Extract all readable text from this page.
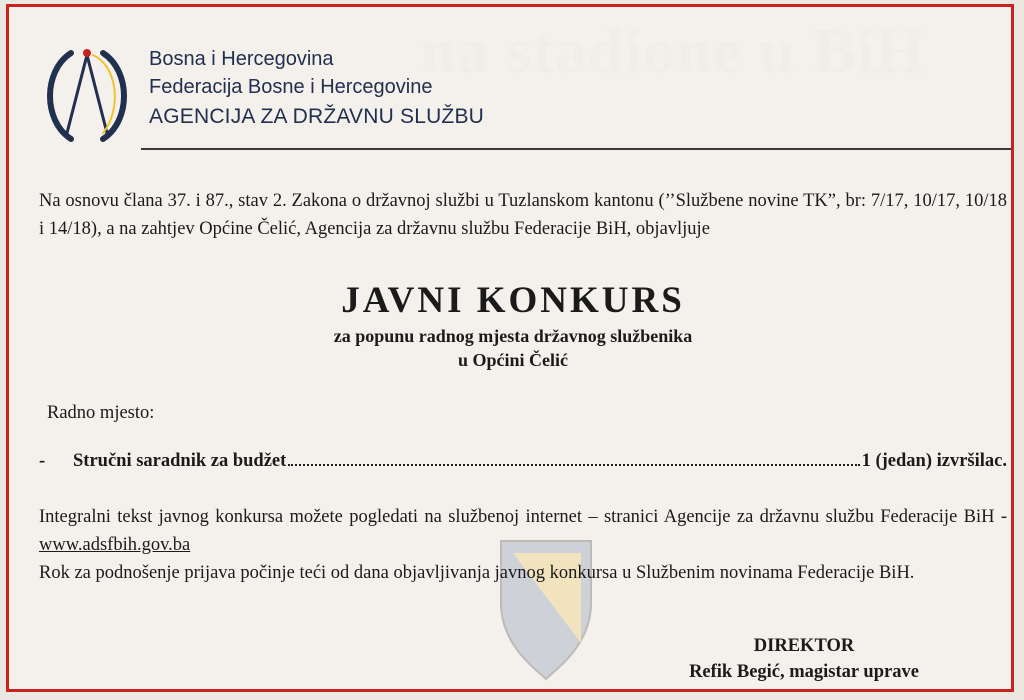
Bosna i Hercegovina
Federacija Bosne i Hercegovine
AGENCIJA ZA DRŽAVNU SLUŽBU
Na osnovu člana 37. i 87., stav 2. Zakona o državnoj službi u Tuzlanskom kantonu (’’Službene novine TK”, br: 7/17, 10/17, 10/18 i 14/18), a na zahtjev Općine Čelić, Agencija za državnu službu Federacije BiH, objavljuje
JAVNI KONKURS
za popunu radnog mjesta državnog službenika
u Općini Čelić
Radno mjesto:
-	Stručni saradnik za budžet	1 (jedan) izvršilac.
Integralni tekst javnog konkursa možete pogledati na službenoj internet – stranici Agencije za državnu službu Federacije BiH - www.adsfbih.gov.ba
Rok za podnošenje prijava počinje teći od dana objavljivanja javnog konkursa u Službenim novinama Federacije BiH.
DIREKTOR
Refik Begić, magistar uprave
